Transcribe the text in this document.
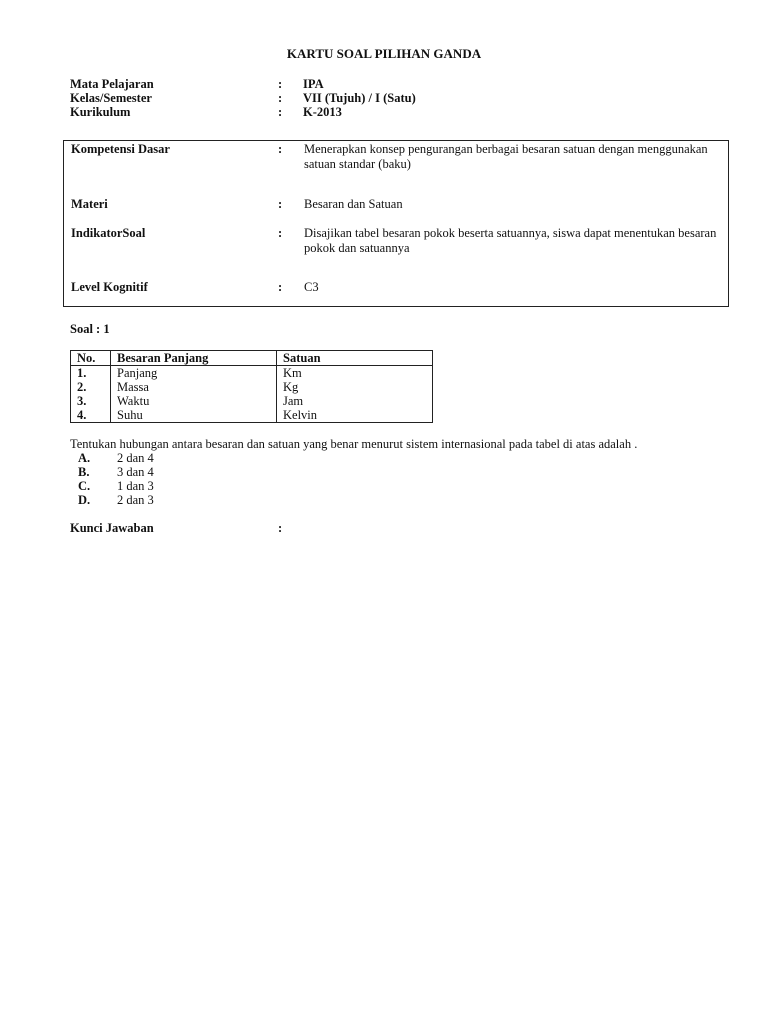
KARTU SOAL PILIHAN GANDA
Mata Pelajaran	: IPA
Kelas/Semester	: VII (Tujuh) / I (Satu)
Kurikulum	: K-2013
Kompetensi Dasar	: Menerapkan konsep pengurangan berbagai besaran satuan dengan menggunakan satuan standar (baku)
Materi	: Besaran dan Satuan
IndikatorSoal	: Disajikan tabel besaran pokok beserta satuannya, siswa dapat menentukan besaran pokok dan satuannya
Level Kognitif	: C3
Soal : 1
No.	Besaran Panjang	Satuan
1.	Panjang	Km
2.	Massa	Kg
3.	Waktu	Jam
4.	Suhu	Kelvin
Tentukan hubungan antara besaran dan satuan yang benar menurut sistem internasional pada tabel di atas adalah .
A. 2 dan 4
B. 3 dan 4
C. 1 dan 3
D. 2 dan 3
Kunci Jawaban	:
